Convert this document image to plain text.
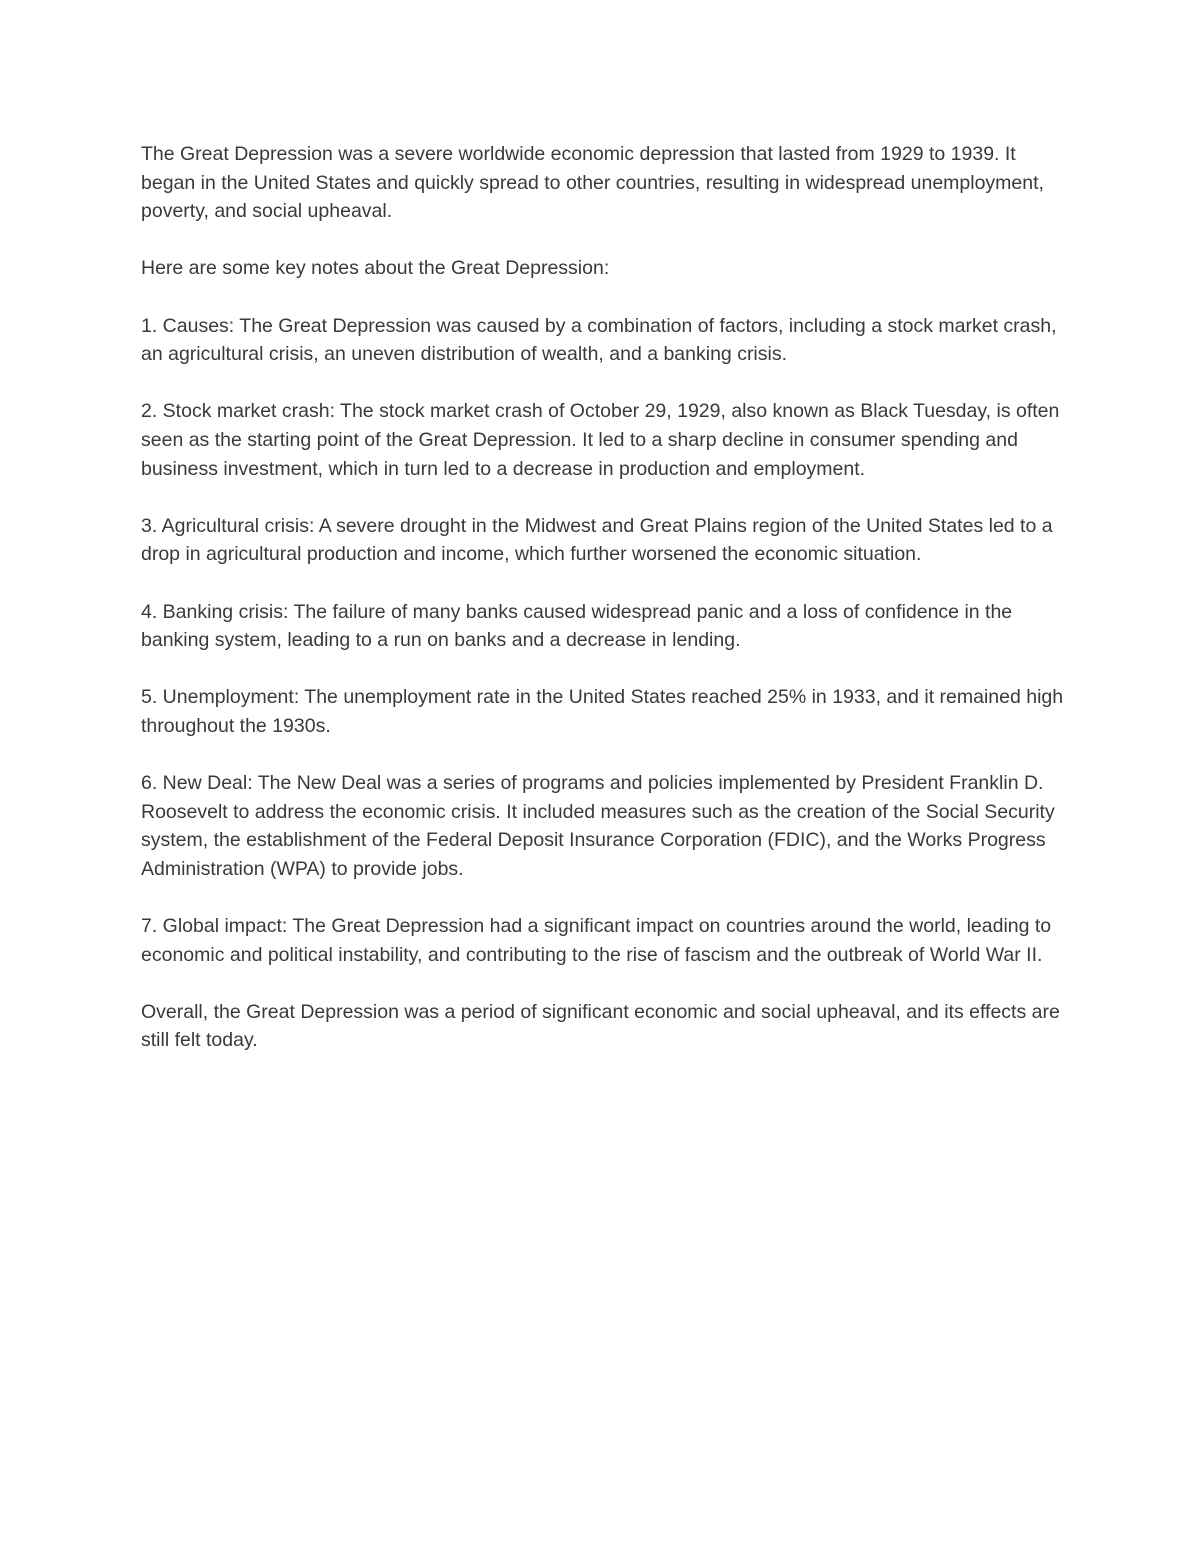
The Great Depression was a severe worldwide economic depression that lasted from 1929 to 1939. It began in the United States and quickly spread to other countries, resulting in widespread unemployment, poverty, and social upheaval.

Here are some key notes about the Great Depression:

1. Causes: The Great Depression was caused by a combination of factors, including a stock market crash, an agricultural crisis, an uneven distribution of wealth, and a banking crisis.

2. Stock market crash: The stock market crash of October 29, 1929, also known as Black Tuesday, is often seen as the starting point of the Great Depression. It led to a sharp decline in consumer spending and business investment, which in turn led to a decrease in production and employment.

3. Agricultural crisis: A severe drought in the Midwest and Great Plains region of the United States led to a drop in agricultural production and income, which further worsened the economic situation.

4. Banking crisis: The failure of many banks caused widespread panic and a loss of confidence in the banking system, leading to a run on banks and a decrease in lending.

5. Unemployment: The unemployment rate in the United States reached 25% in 1933, and it remained high throughout the 1930s.

6. New Deal: The New Deal was a series of programs and policies implemented by President Franklin D. Roosevelt to address the economic crisis. It included measures such as the creation of the Social Security system, the establishment of the Federal Deposit Insurance Corporation (FDIC), and the Works Progress Administration (WPA) to provide jobs.

7. Global impact: The Great Depression had a significant impact on countries around the world, leading to economic and political instability, and contributing to the rise of fascism and the outbreak of World War II.

Overall, the Great Depression was a period of significant economic and social upheaval, and its effects are still felt today.
